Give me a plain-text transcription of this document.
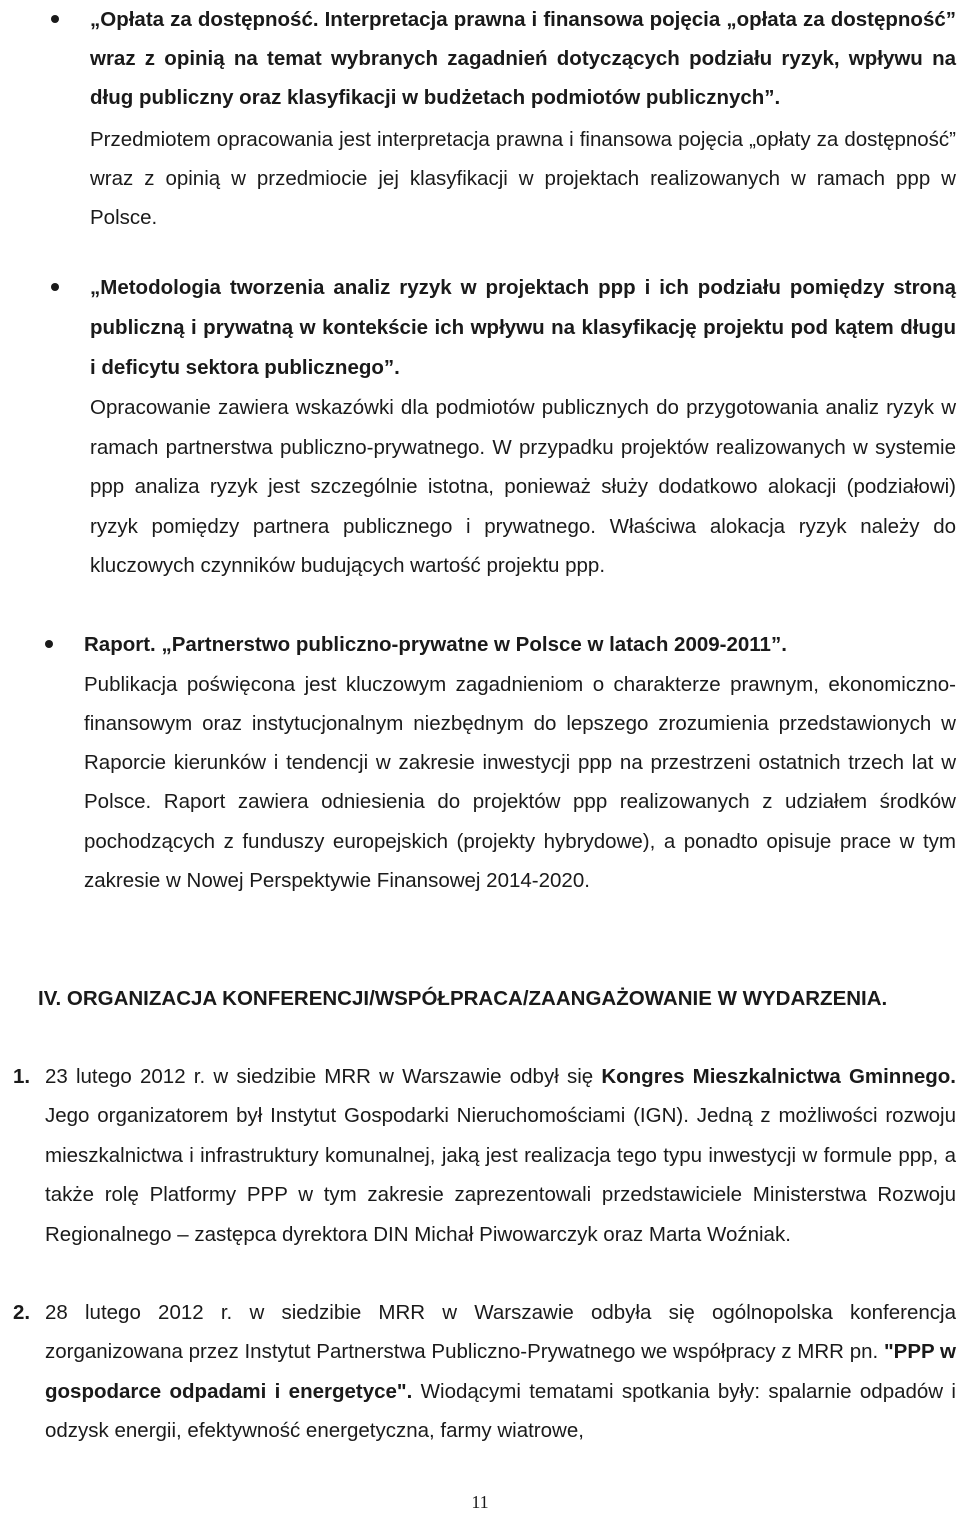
„Opłata za dostępność. Interpretacja prawna i finansowa pojęcia „opłata za dostępność” wraz z opinią na temat wybranych zagadnień dotyczących podziału ryzyk, wpływu na dług publiczny oraz klasyfikacji w budżetach podmiotów publicznych”.
Przedmiotem opracowania jest interpretacja prawna i finansowa pojęcia „opłaty za dostępność” wraz z opinią w przedmiocie jej klasyfikacji w projektach realizowanych w ramach ppp w Polsce.
„Metodologia tworzenia analiz ryzyk w projektach ppp i ich podziału pomiędzy stroną publiczną i prywatną w kontekście ich wpływu na klasyfikację projektu pod kątem długu i deficytu sektora publicznego”.
Opracowanie zawiera wskazówki dla podmiotów publicznych do przygotowania analiz ryzyk w ramach partnerstwa publiczno-prywatnego. W przypadku projektów realizowanych w systemie ppp analiza ryzyk jest szczególnie istotna, ponieważ służy dodatkowo alokacji (podziałowi) ryzyk pomiędzy partnera publicznego i prywatnego. Właściwa alokacja ryzyk należy do kluczowych czynników budujących wartość projektu ppp.
Raport. „Partnerstwo publiczno-prywatne w Polsce w latach 2009-2011”.
Publikacja poświęcona jest kluczowym zagadnieniom o charakterze prawnym, ekonomiczno-finansowym oraz instytucjonalnym niezbędnym do lepszego zrozumienia przedstawionych w Raporcie kierunków i tendencji w zakresie inwestycji ppp na przestrzeni ostatnich trzech lat w Polsce. Raport zawiera odniesienia do projektów ppp realizowanych z udziałem środków pochodzących z funduszy europejskich (projekty hybrydowe), a ponadto opisuje prace w tym zakresie w Nowej Perspektywie Finansowej 2014-2020.
IV. ORGANIZACJA KONFERENCJI/WSPÓŁPRACA/ZAANGAŻOWANIE W WYDARZENIA.
1. 23 lutego 2012 r. w siedzibie MRR w Warszawie odbył się Kongres Mieszkalnictwa Gminnego. Jego organizatorem był Instytut Gospodarki Nieruchomościami (IGN). Jedną z możliwości rozwoju mieszkalnictwa i infrastruktury komunalnej, jaką jest realizacja tego typu inwestycji w formule ppp, a także rolę Platformy PPP w tym zakresie zaprezentowali przedstawiciele Ministerstwa Rozwoju Regionalnego – zastępca dyrektora DIN Michał Piwowarczyk oraz Marta Woźniak.
2. 28 lutego 2012 r. w siedzibie MRR w Warszawie odbyła się ogólnopolska konferencja zorganizowana przez Instytut Partnerstwa Publiczno-Prywatnego we współpracy z MRR pn. "PPP w gospodarce odpadami i energetyce". Wiodącymi tematami spotkania były: spalarnie odpadów i odzysk energii, efektywność energetyczna, farmy wiatrowe,
11
